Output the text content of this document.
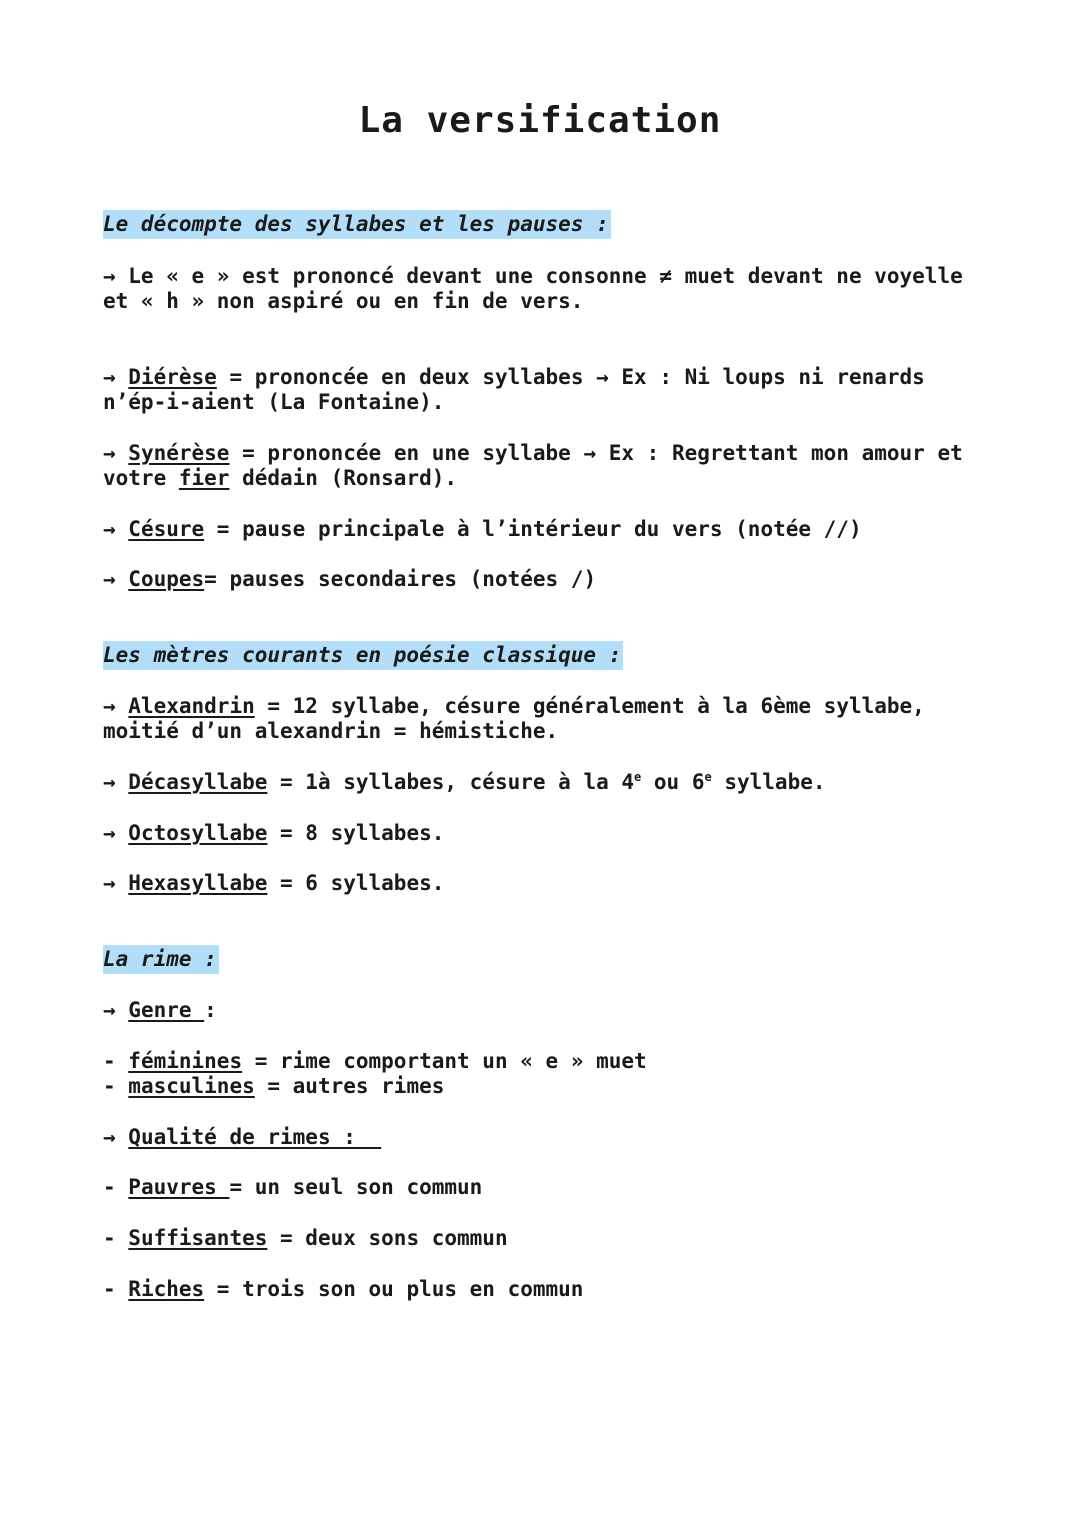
La versification
Le décompte des syllabes et les pauses :
→ Le « e » est prononcé devant une consonne ≠ muet devant ne voyelle
et « h » non aspiré ou en fin de vers.
→ Diérèse = prononcée en deux syllabes → Ex : Ni loups ni renards
n’ép-i-aient (La Fontaine).
→ Synérèse = prononcée en une syllabe → Ex : Regrettant mon amour et
votre fier dédain (Ronsard).
→ Césure = pause principale à l’intérieur du vers (notée //)
→ Coupes= pauses secondaires (notées /)
Les mètres courants en poésie classique :
→ Alexandrin = 12 syllabe, césure généralement à la 6ème syllabe,
moitié d’un alexandrin = hémistiche.
→ Décasyllabe = 1à syllabes, césure à la 4e ou 6e syllabe.
→ Octosyllabe = 8 syllabes.
→ Hexasyllabe = 6 syllabes.
La rime :
→ Genre :
- féminines = rime comportant un « e » muet
- masculines = autres rimes
→ Qualité de rimes :
- Pauvres = un seul son commun
- Suffisantes = deux sons commun
- Riches = trois son ou plus en commun
